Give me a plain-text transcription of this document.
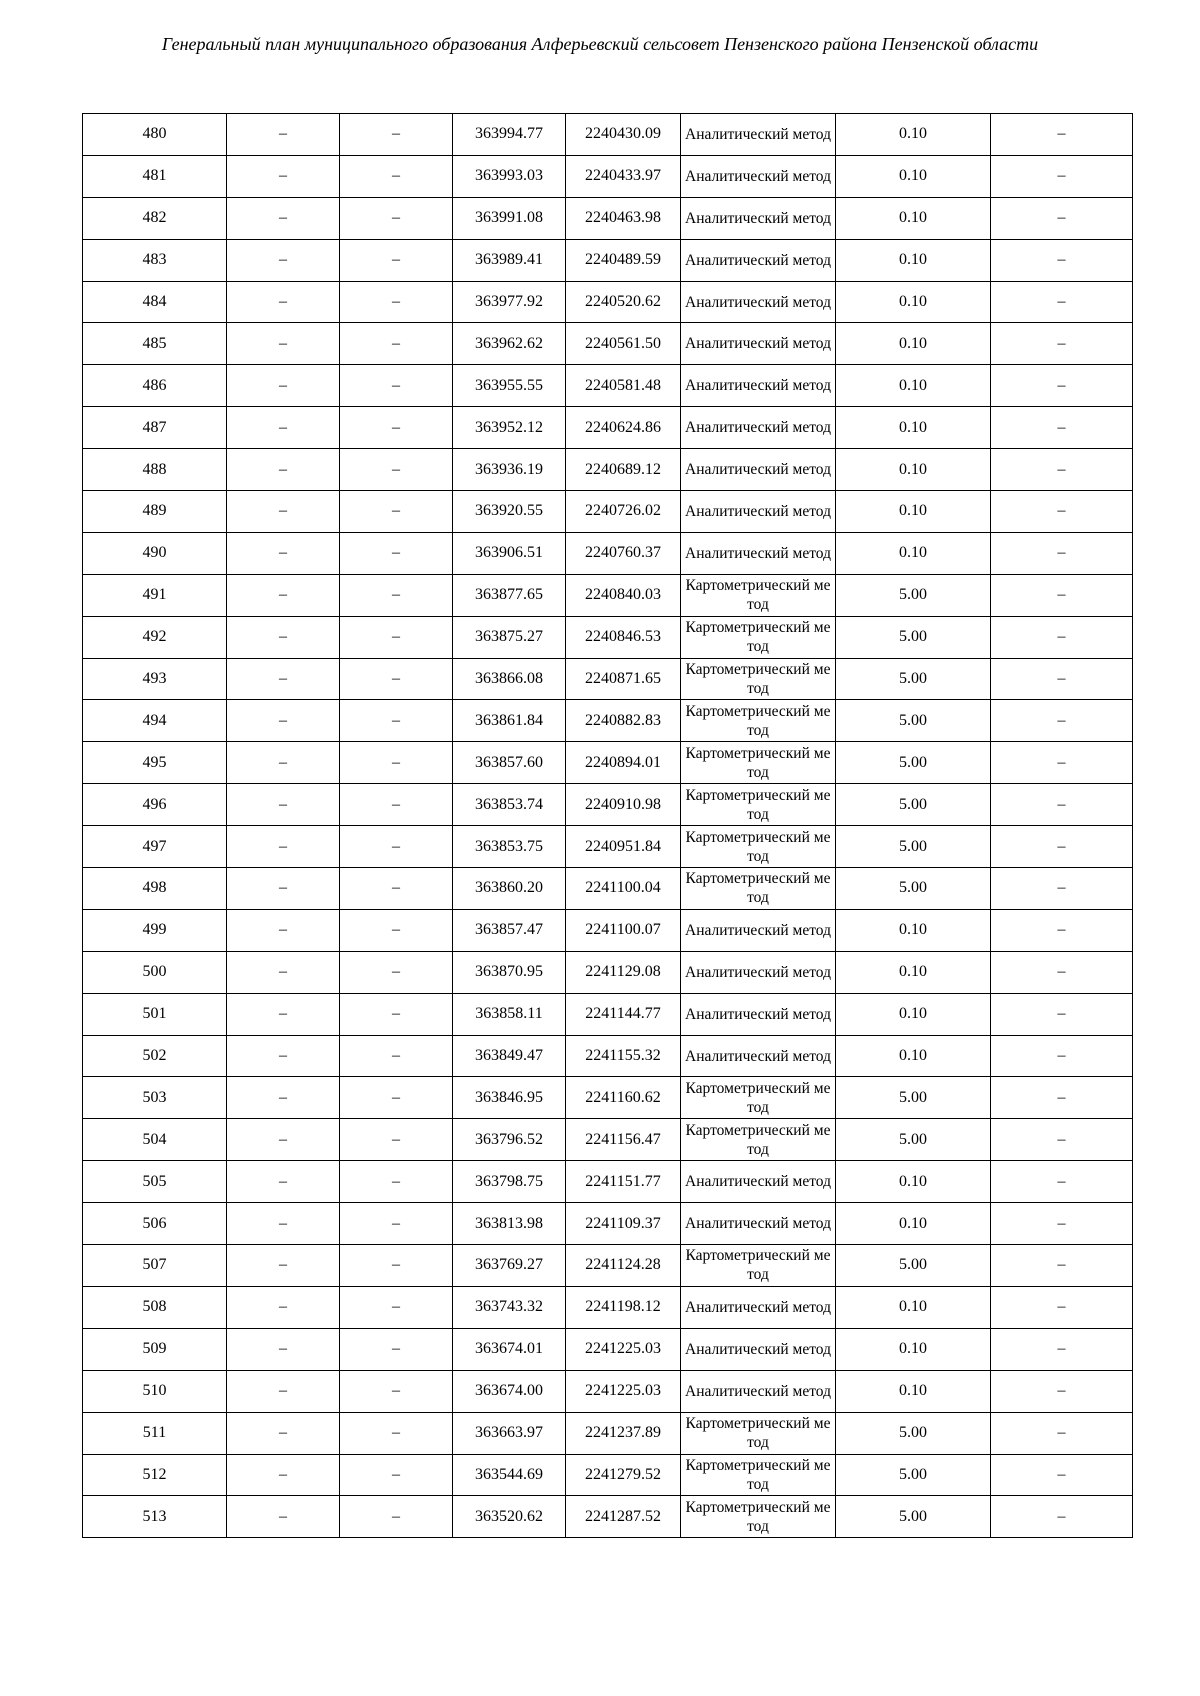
Генеральный план муниципального образования Алферьевский сельсовет Пензенского района Пензенской области
480	–	–	363994.77	2240430.09	Аналитический метод	0.10	–
481	–	–	363993.03	2240433.97	Аналитический метод	0.10	–
482	–	–	363991.08	2240463.98	Аналитический метод	0.10	–
483	–	–	363989.41	2240489.59	Аналитический метод	0.10	–
484	–	–	363977.92	2240520.62	Аналитический метод	0.10	–
485	–	–	363962.62	2240561.50	Аналитический метод	0.10	–
486	–	–	363955.55	2240581.48	Аналитический метод	0.10	–
487	–	–	363952.12	2240624.86	Аналитический метод	0.10	–
488	–	–	363936.19	2240689.12	Аналитический метод	0.10	–
489	–	–	363920.55	2240726.02	Аналитический метод	0.10	–
490	–	–	363906.51	2240760.37	Аналитический метод	0.10	–
491	–	–	363877.65	2240840.03	Картометрический метод	5.00	–
492	–	–	363875.27	2240846.53	Картометрический метод	5.00	–
493	–	–	363866.08	2240871.65	Картометрический метод	5.00	–
494	–	–	363861.84	2240882.83	Картометрический метод	5.00	–
495	–	–	363857.60	2240894.01	Картометрический метод	5.00	–
496	–	–	363853.74	2240910.98	Картометрический метод	5.00	–
497	–	–	363853.75	2240951.84	Картометрический метод	5.00	–
498	–	–	363860.20	2241100.04	Картометрический метод	5.00	–
499	–	–	363857.47	2241100.07	Аналитический метод	0.10	–
500	–	–	363870.95	2241129.08	Аналитический метод	0.10	–
501	–	–	363858.11	2241144.77	Аналитический метод	0.10	–
502	–	–	363849.47	2241155.32	Аналитический метод	0.10	–
503	–	–	363846.95	2241160.62	Картометрический метод	5.00	–
504	–	–	363796.52	2241156.47	Картометрический метод	5.00	–
505	–	–	363798.75	2241151.77	Аналитический метод	0.10	–
506	–	–	363813.98	2241109.37	Аналитический метод	0.10	–
507	–	–	363769.27	2241124.28	Картометрический метод	5.00	–
508	–	–	363743.32	2241198.12	Аналитический метод	0.10	–
509	–	–	363674.01	2241225.03	Аналитический метод	0.10	–
510	–	–	363674.00	2241225.03	Аналитический метод	0.10	–
511	–	–	363663.97	2241237.89	Картометрический метод	5.00	–
512	–	–	363544.69	2241279.52	Картометрический метод	5.00	–
513	–	–	363520.62	2241287.52	Картометрический метод	5.00	–
